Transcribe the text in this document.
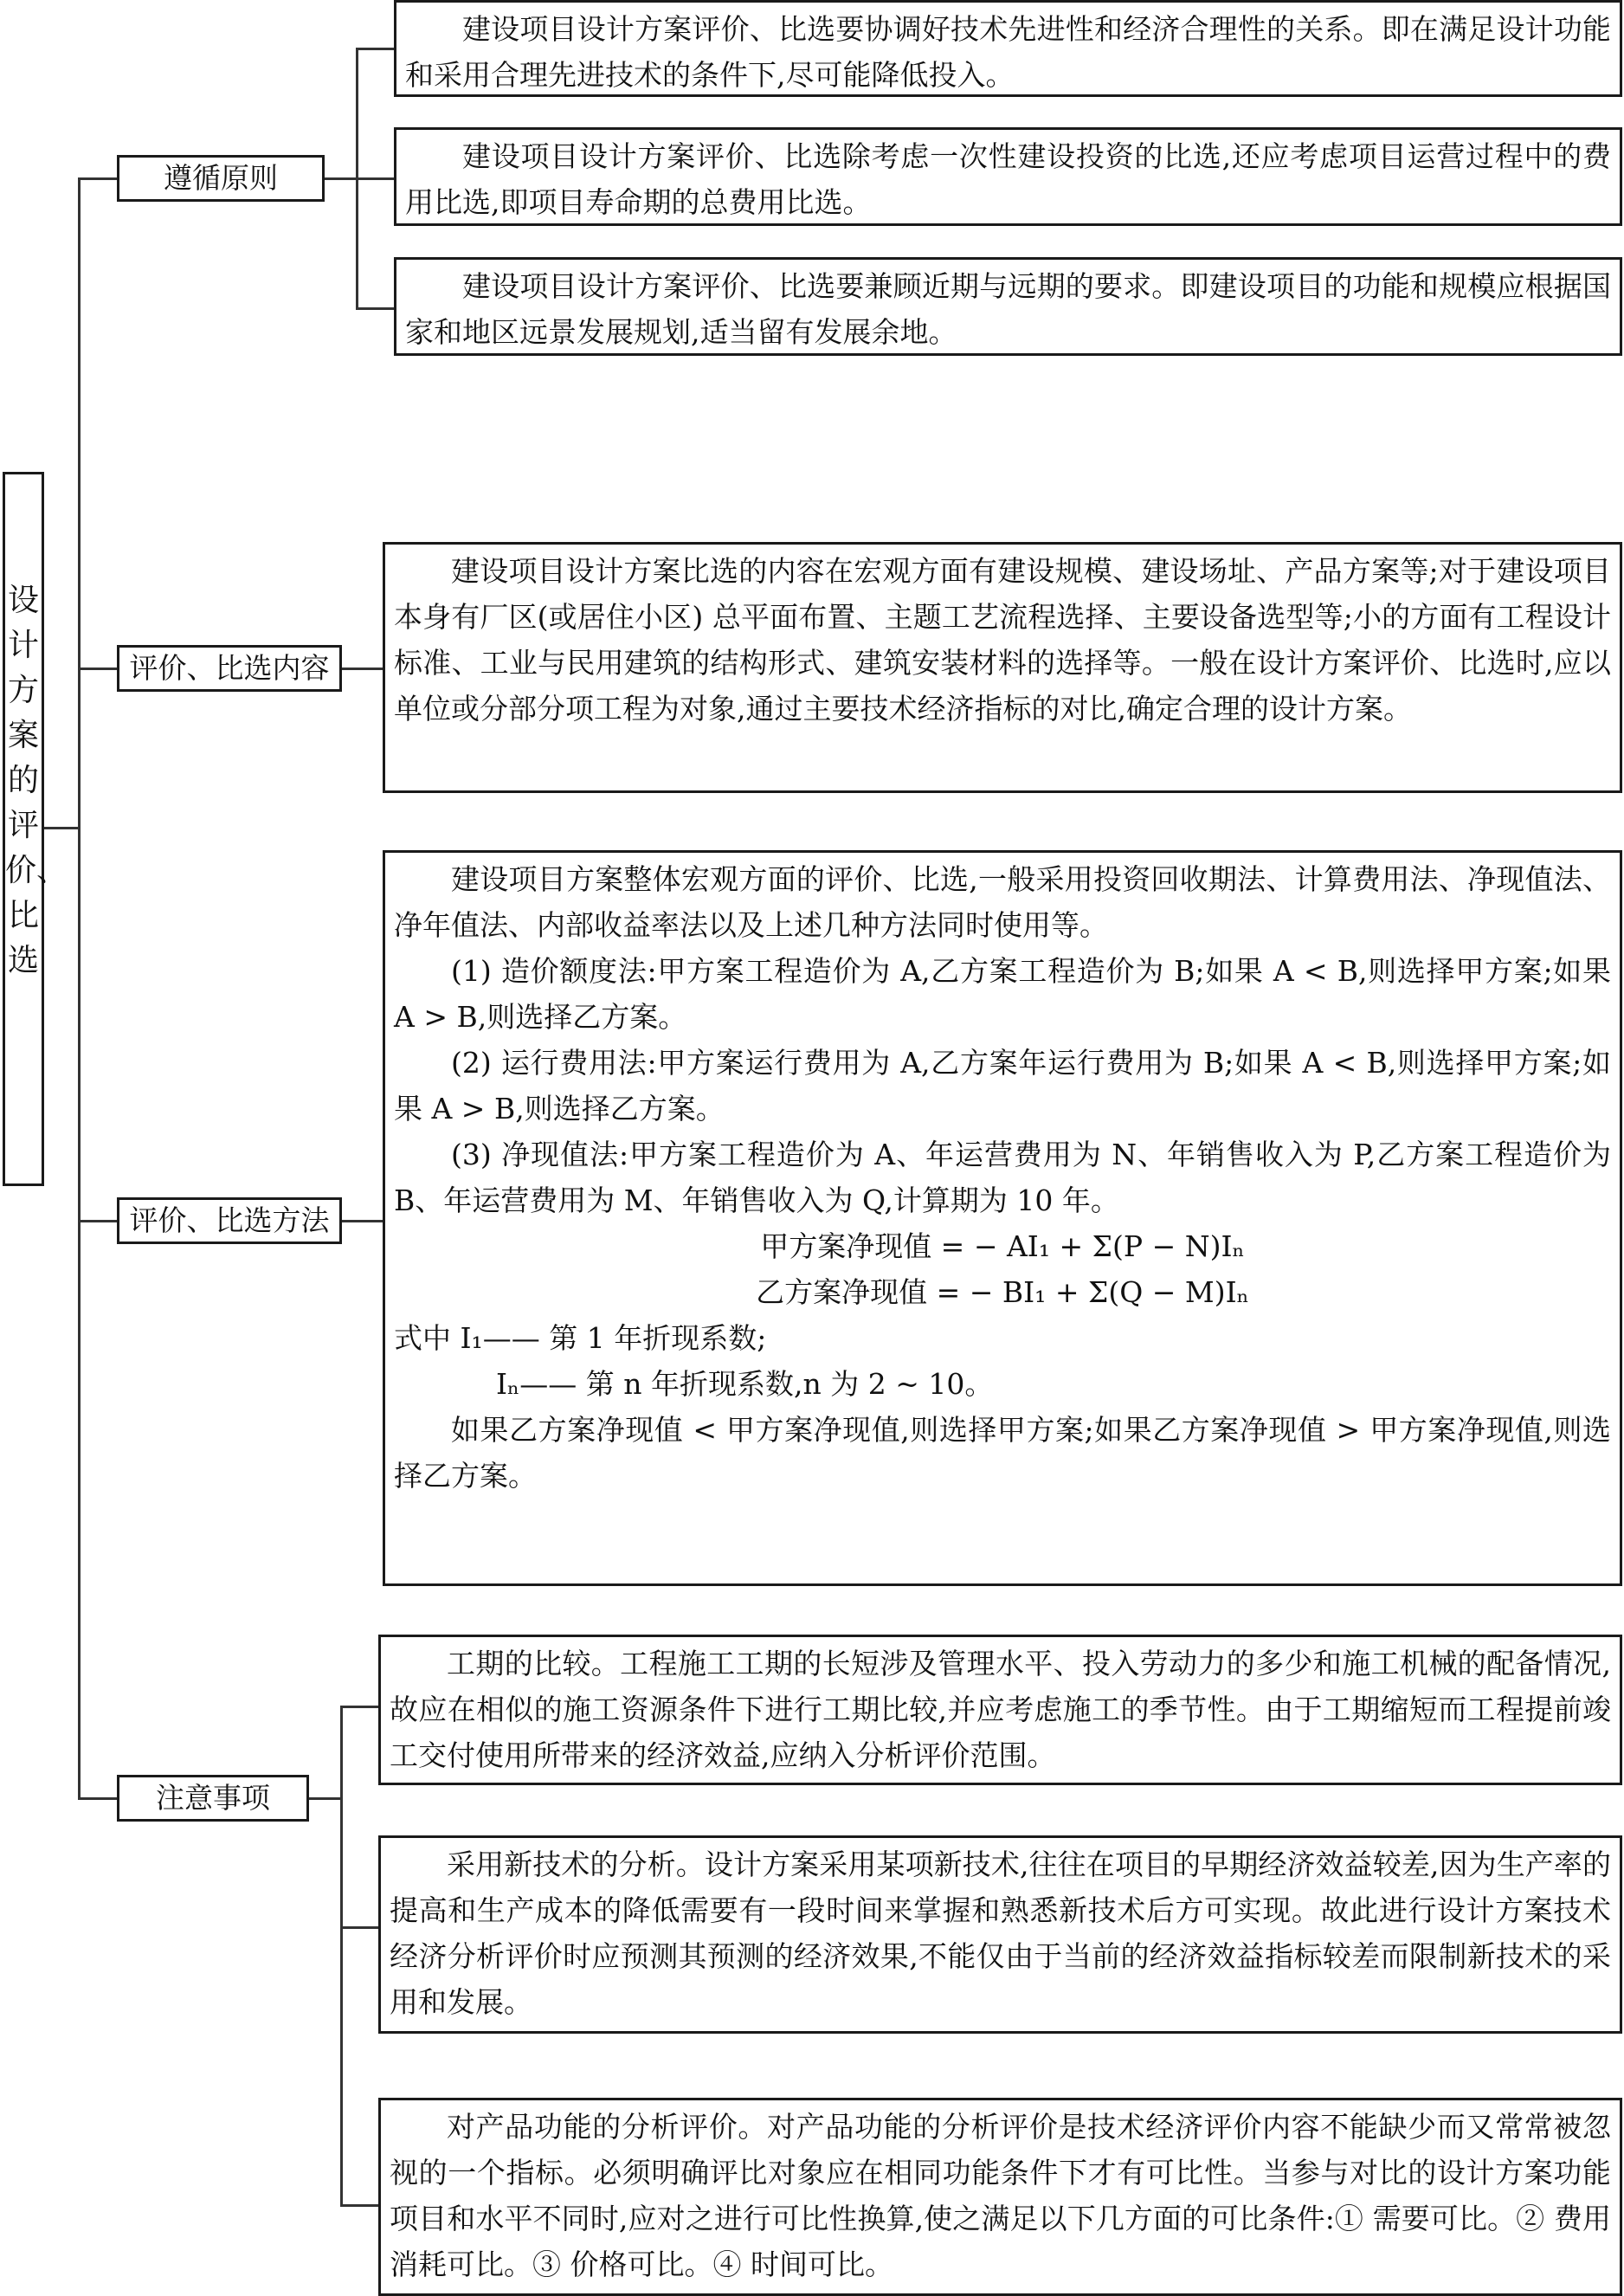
设计方案的评价、比选
遵循原则
评价、比选内容
评价、比选方法
注意事项

建设项目设计方案评价、比选要协调好技术先进性和经济合理性的关系。即在满足设计功能和采用合理先进技术的条件下,尽可能降低投入。

建设项目设计方案评价、比选除考虑一次性建设投资的比选,还应考虑项目运营过程中的费用比选,即项目寿命期的总费用比选。

建设项目设计方案评价、比选要兼顾近期与远期的要求。即建设项目的功能和规模应根据国家和地区远景发展规划,适当留有发展余地。

建设项目设计方案比选的内容在宏观方面有建设规模、建设场址、产品方案等;对于建设项目本身有厂区(或居住小区) 总平面布置、主题工艺流程选择、主要设备选型等;小的方面有工程设计标准、工业与民用建筑的结构形式、建筑安装材料的选择等。一般在设计方案评价、比选时,应以单位或分部分项工程为对象,通过主要技术经济指标的对比,确定合理的设计方案。

建设项目方案整体宏观方面的评价、比选,一般采用投资回收期法、计算费用法、净现值法、净年值法、内部收益率法以及上述几种方法同时使用等。

(1) 造价额度法:甲方案工程造价为 A,乙方案工程造价为 B;如果 A < B,则选择甲方案;如果 A > B,则选择乙方案。

(2) 运行费用法:甲方案运行费用为 A,乙方案年运行费用为 B;如果 A < B,则选择甲方案;如果 A > B,则选择乙方案。

(3) 净现值法:甲方案工程造价为 A、年运营费用为 N、年销售收入为 P,乙方案工程造价为 B、年运营费用为 M、年销售收入为 Q,计算期为 10 年。

甲方案净现值 = − AI₁ + Σ(P − N)Iₙ

乙方案净现值 = − BI₁ + Σ(Q − M)Iₙ

式中 I₁—— 第 1 年折现系数;

Iₙ—— 第 n 年折现系数,n 为 2 ~ 10。

如果乙方案净现值 < 甲方案净现值,则选择甲方案;如果乙方案净现值 > 甲方案净现值,则选择乙方案。

工期的比较。工程施工工期的长短涉及管理水平、投入劳动力的多少和施工机械的配备情况,故应在相似的施工资源条件下进行工期比较,并应考虑施工的季节性。由于工期缩短而工程提前竣工交付使用所带来的经济效益,应纳入分析评价范围。

采用新技术的分析。设计方案采用某项新技术,往往在项目的早期经济效益较差,因为生产率的提高和生产成本的降低需要有一段时间来掌握和熟悉新技术后方可实现。故此进行设计方案技术经济分析评价时应预测其预测的经济效果,不能仅由于当前的经济效益指标较差而限制新技术的采用和发展。

对产品功能的分析评价。对产品功能的分析评价是技术经济评价内容不能缺少而又常常被忽视的一个指标。必须明确评比对象应在相同功能条件下才有可比性。当参与对比的设计方案功能项目和水平不同时,应对之进行可比性换算,使之满足以下几方面的可比条件:① 需要可比。② 费用消耗可比。③ 价格可比。④ 时间可比。
